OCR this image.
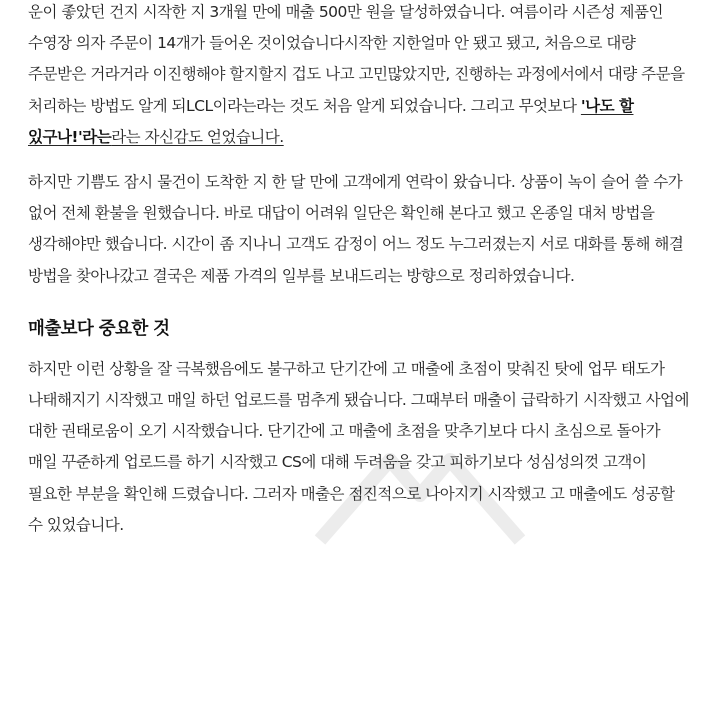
운이 좋았던 건지 시작한 지 3개월 만에 매출 500만 원을 달성하였습니다. 여름이라 시즌성 제품인 수영장 의자 주문이 14개가 들어온 것이었습니다시작한 지한얼마 안 됐고 됐고, 처음으로 대량 주문받은 거라거라 이진행해야 할지할지 겁도 나고 고민많았지만, 진행하는 과정에서에서 대량 주문을 처리하는 방법도 알게 되LCL이라는라는 것도 처음 알게 되었습니다. 그리고 무엇보다 '나도 할 있구나!'라는라는 자신감도 얻었습니다.

하지만 기쁨도 잠시 물건이 도착한 지 한 달 만에 고객에게 연락이 왔습니다. 상품이 녹이 슬어 쓸 수가 없어 전체 환불을 원했습니다. 바로 대답이 어려워 일단은 확인해 본다고 했고 온종일 대처 방법을 생각해야만 했습니다. 시간이 좀 지나니 고객도 감정이 어느 정도 누그러졌는지 서로 대화를 통해 해결 방법을 찾아나갔고 결국은 제품 가격의 일부를 보내드리는 방향으로 정리하였습니다.

매출보다 중요한 것

하지만 이런 상황을 잘 극복했음에도 불구하고 단기간에 고 매출에 초점이 맞춰진 탓에 업무 태도가 나태해지기 시작했고 매일 하던 업로드를 멈추게 됐습니다. 그때부터 매출이 급락하기 시작했고 사업에 대한 권태로움이 오기 시작했습니다. 단기간에 고 매출에 초점을 맞추기보다 다시 초심으로 돌아가 매일 꾸준하게 업로드를 하기 시작했고 CS에 대해 두려움을 갖고 피하기보다 성심성의껏 고객이 필요한 부분을 확인해 드렸습니다. 그러자 매출은 점진적으로 나아지기 시작했고 고 매출에도 성공할 수 있었습니다.
